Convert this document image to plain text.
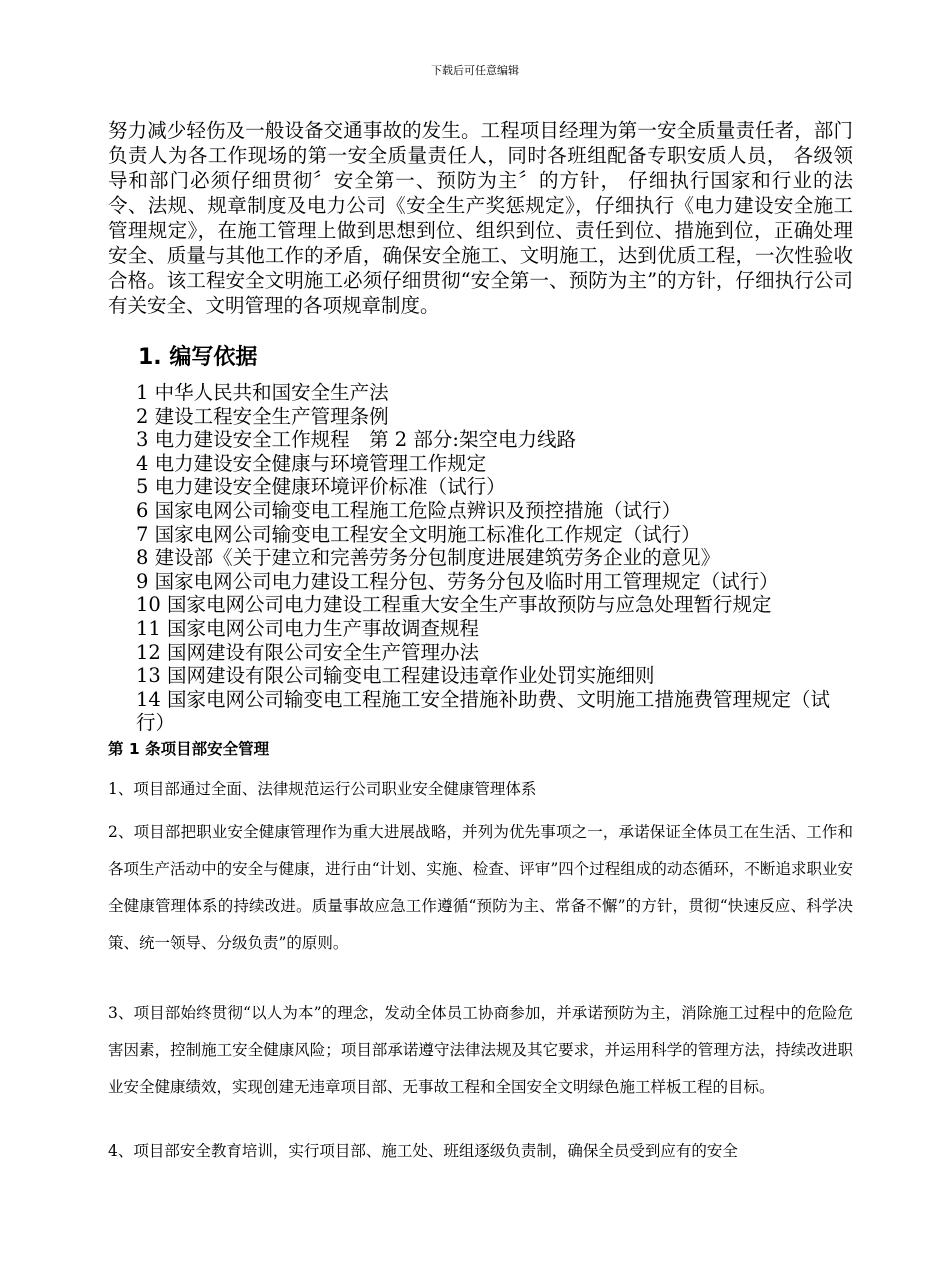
下载后可任意编辑

努力减少轻伤及一般设备交通事故的发生。工程项目经理为第一安全质量责任者，部门负责人为各工作现场的第一安全质量责任人，同时各班组配备专职安质人员， 各级领导和部门必须仔细贯彻〞安全第一、预防为主〞的方针， 仔细执行国家和行业的法令、法规、规章制度及电力公司《安全生产奖惩规定》，仔细执行《电力建设安全施工管理规定》，在施工管理上做到思想到位、组织到位、责任到位、措施到位，正确处理安全、质量与其他工作的矛盾，确保安全施工、文明施工，达到优质工程，一次性验收合格。该工程安全文明施工必须仔细贯彻“安全第一、预防为主”的方针，仔细执行公司有关安全、文明管理的各项规章制度。

1. 编写依据
1 中华人民共和国安全生产法
2 建设工程安全生产管理条例
3 电力建设安全工作规程　第 2 部分:架空电力线路
4 电力建设安全健康与环境管理工作规定
5 电力建设安全健康环境评价标准（试行）
6 国家电网公司输变电工程施工危险点辨识及预控措施（试行）
7 国家电网公司输变电工程安全文明施工标准化工作规定（试行）
8 建设部《关于建立和完善劳务分包制度进展建筑劳务企业的意见》
9 国家电网公司电力建设工程分包、劳务分包及临时用工管理规定（试行）
10 国家电网公司电力建设工程重大安全生产事故预防与应急处理暂行规定
11 国家电网公司电力生产事故调查规程
12 国网建设有限公司安全生产管理办法
13 国网建设有限公司输变电工程建设违章作业处罚实施细则
14 国家电网公司输变电工程施工安全措施补助费、文明施工措施费管理规定（试行）
第 1 条项目部安全管理

1、项目部通过全面、法律规范运行公司职业安全健康管理体系

2、项目部把职业安全健康管理作为重大进展战略，并列为优先事项之一，承诺保证全体员工在生活、工作和各项生产活动中的安全与健康，进行由“计划、实施、检查、评审”四个过程组成的动态循环，不断追求职业安全健康管理体系的持续改进。质量事故应急工作遵循“预防为主、常备不懈”的方针，贯彻“快速反应、科学决策、统一领导、分级负责”的原则。

3、项目部始终贯彻“以人为本”的理念，发动全体员工协商参加，并承诺预防为主，消除施工过程中的危险危害因素，控制施工安全健康风险；项目部承诺遵守法律法规及其它要求，并运用科学的管理方法，持续改进职业安全健康绩效，实现创建无违章项目部、无事故工程和全国安全文明绿色施工样板工程的目标。

4、项目部安全教育培训，实行项目部、施工处、班组逐级负责制，确保全员受到应有的安全
